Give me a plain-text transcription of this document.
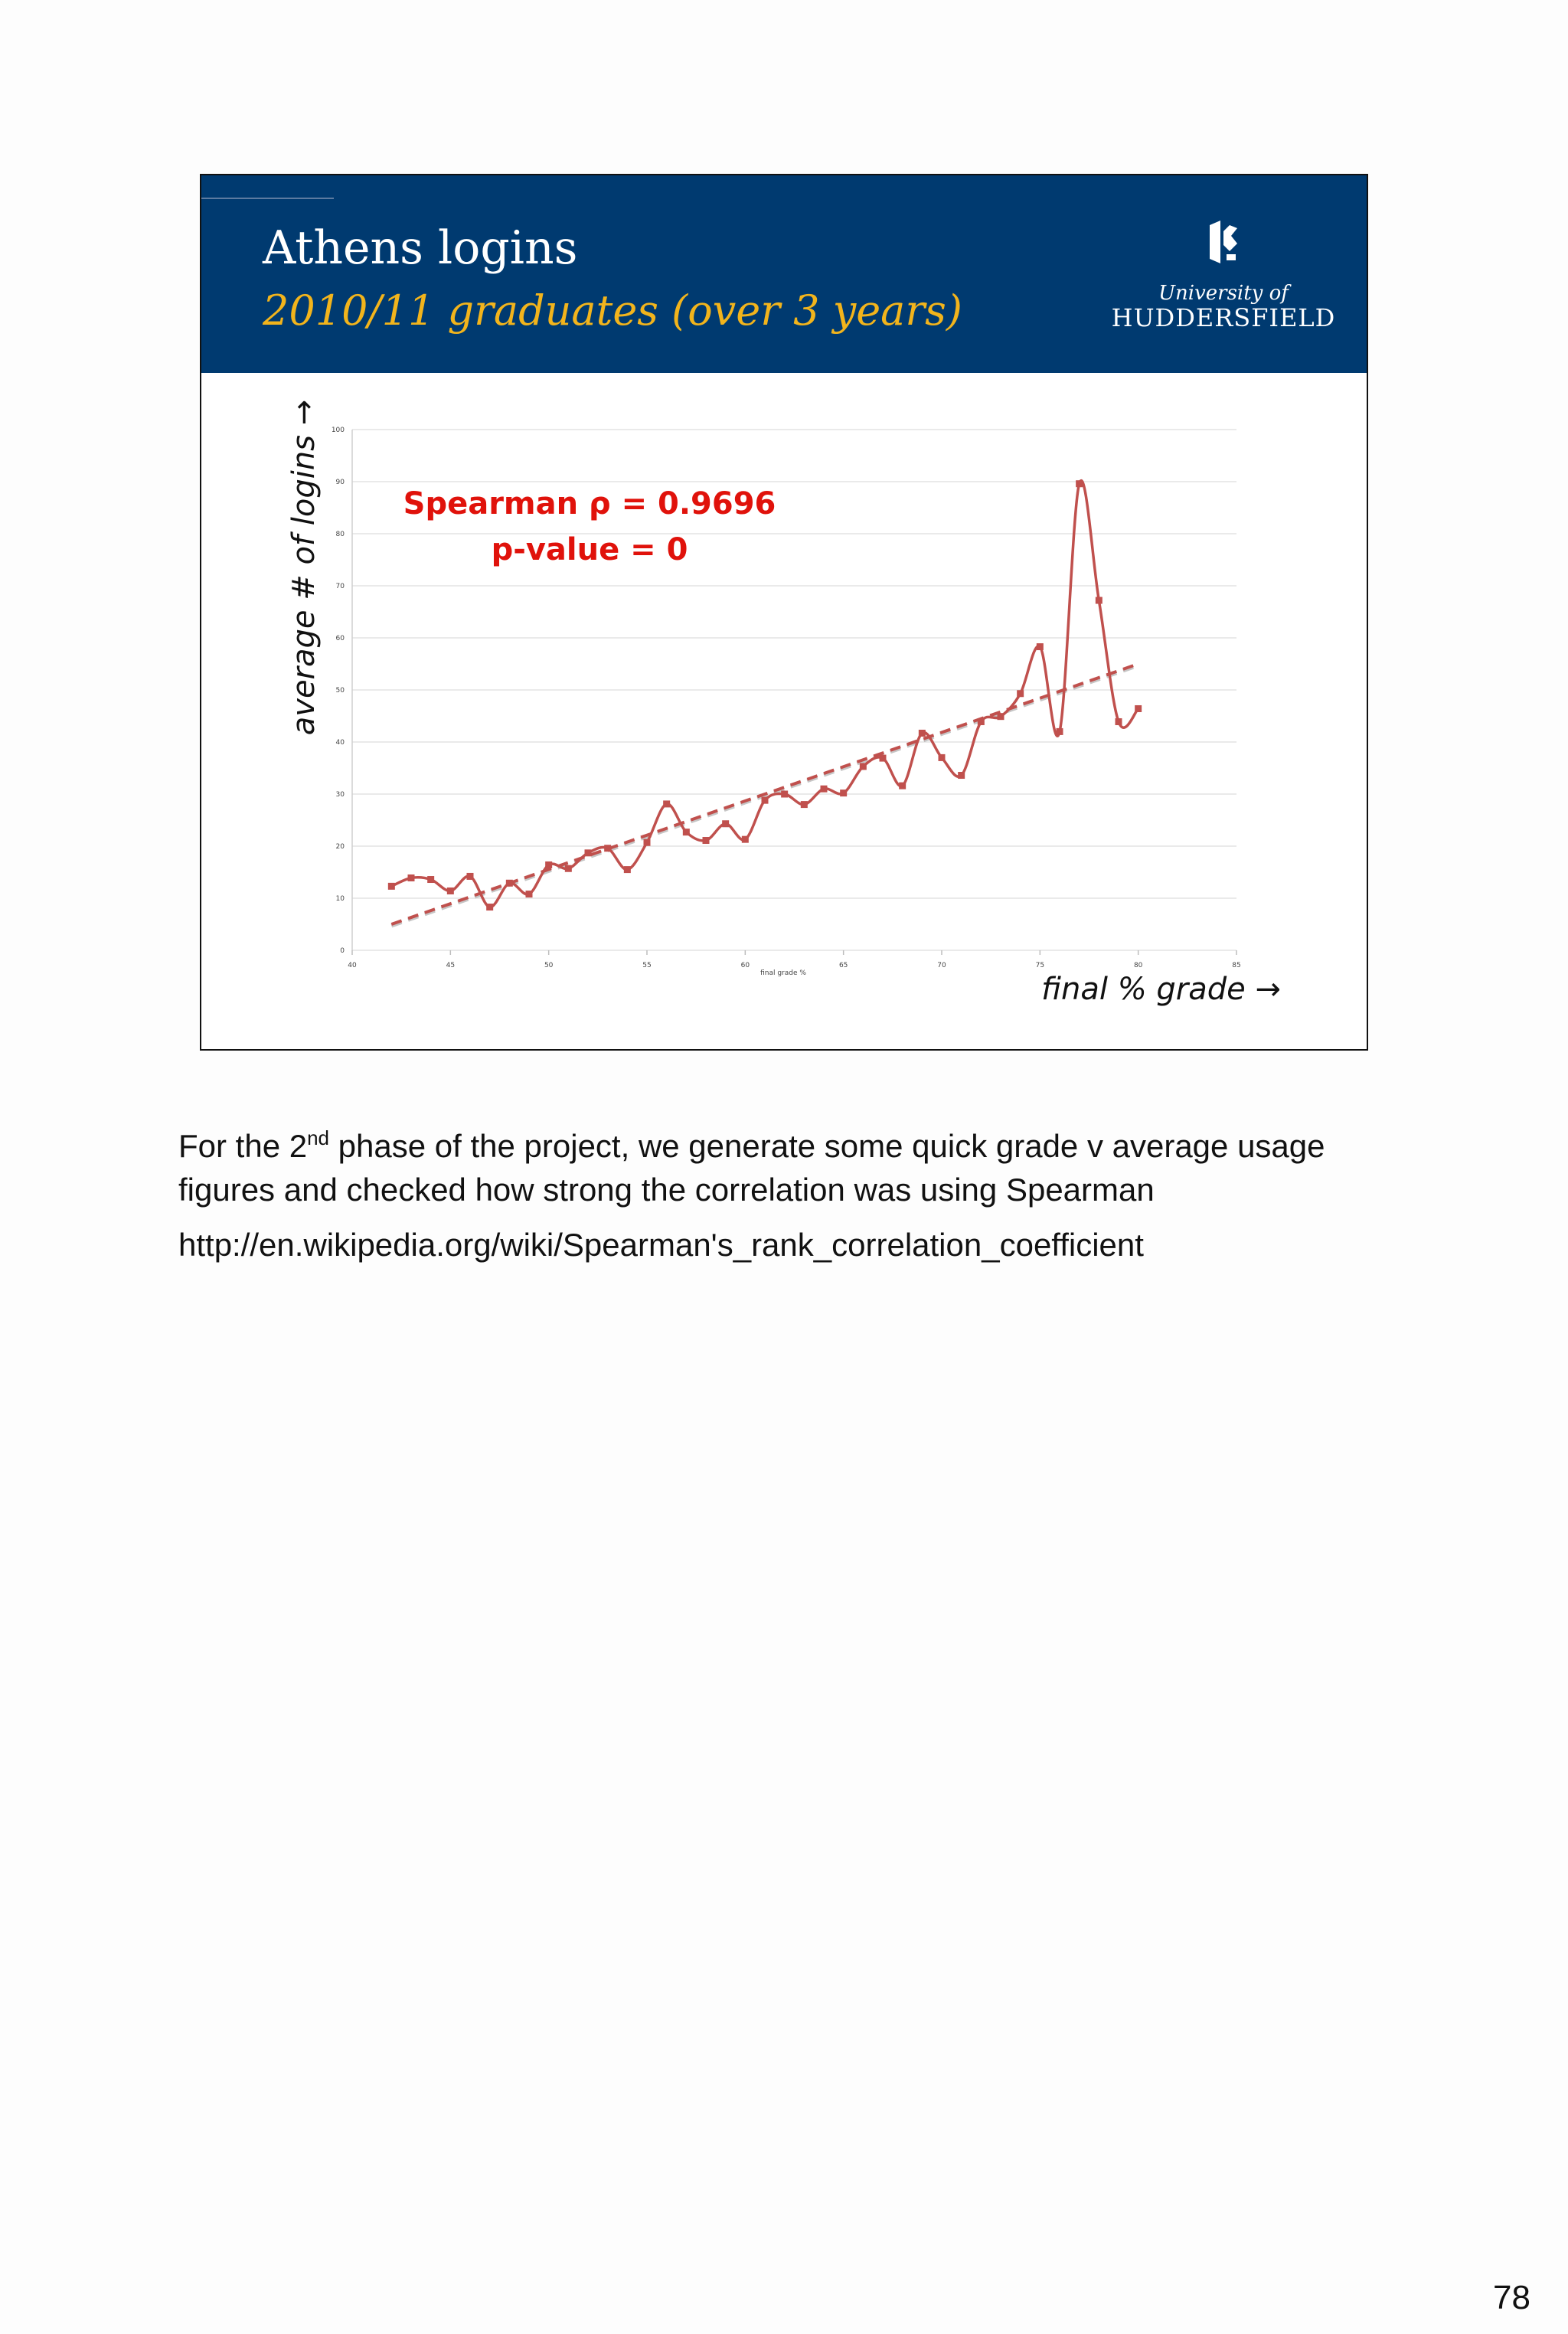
Athens logins
2010/11 graduates (over 3 years)	University of
HUDDERSFIELD
0
10
20
30
40
50
60
70
80
90
100
40	45	50	55	60	65	70	75	80	85
Spearman ρ = 0.9696
p-value = 0
average # of logins →
final % grade →
final grade %

For the 2nd phase of the project, we generate some quick grade v average usage figures and checked how strong the correlation was using Spearman

http://en.wikipedia.org/wiki/Spearman's_rank_correlation_coefficient

78
